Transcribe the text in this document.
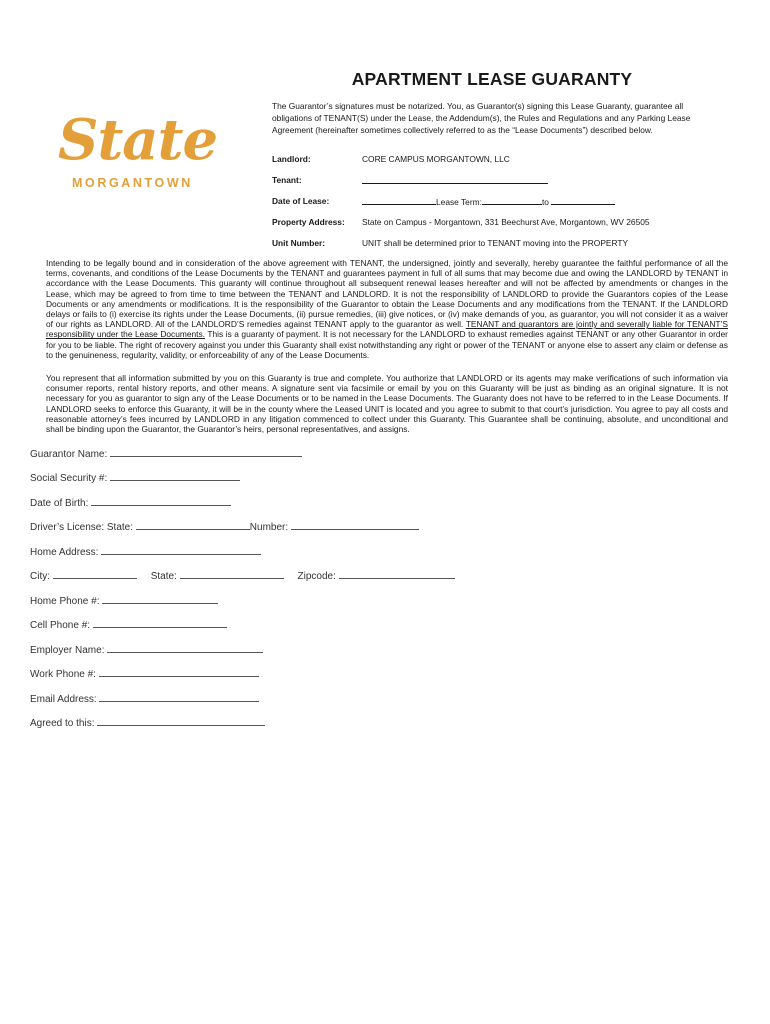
State
MORGANTOWN
APARTMENT LEASE GUARANTY
The Guarantor’s signatures must be notarized. You, as Guarantor(s) signing this Lease Guaranty, guarantee all obligations of TENANT(S) under the Lease, the Addendum(s), the Rules and Regulations and any Parking Lease Agreement (hereinafter sometimes collectively referred to as the “Lease Documents”) described below.
Landlord:	CORE CAMPUS MORGANTOWN, LLC
Tenant:
Date of Lease:	Lease Term:	to
Property Address: State on Campus - Morgantown, 331 Beechurst Ave, Morgantown, WV 26505
Unit Number:	UNIT shall be determined prior to TENANT moving into the PROPERTY
Intending to be legally bound and in consideration of the above agreement with TENANT, the undersigned, jointly and severally, hereby guarantee the faithful performance of all the terms, covenants, and conditions of the Lease Documents by the TENANT and guarantees payment in full of all sums that may become due and owing the LANDLORD by TENANT in accordance with the Lease Documents. This guaranty will continue throughout all subsequent renewal leases hereafter and will not be affected by amendments or changes in the Lease, which may be agreed to from time to time between the TENANT and LANDLORD. It is not the responsibility of LANDLORD to provide the Guarantors copies of the Lease Documents or any amendments or modifications. It is the responsibility of the Guarantor to obtain the Lease Documents and any modifications from the TENANT. If the LANDLORD delays or fails to (i) exercise its rights under the Lease Documents, (ii) pursue remedies, (iii) give notices, or (iv) make demands of you, as guarantor, you will not consider it as a waiver of our rights as LANDLORD. All of the LANDLORD’S remedies against TENANT apply to the guarantor as well. TENANT and guarantors are jointly and severally liable for TENANT’S responsibility under the Lease Documents. This is a guaranty of payment. It is not necessary for the LANDLORD to exhaust remedies against TENANT or any other Guarantor in order for you to be liable. The right of recovery against you under this Guaranty shall exist notwithstanding any right or power of the TENANT or anyone else to assert any claim or defense as to the genuineness, regularity, validity, or enforceability of any of the Lease Documents.
You represent that all information submitted by you on this Guaranty is true and complete. You authorize that LANDLORD or its agents may make verifications of such information via consumer reports, rental history reports, and other means. A signature sent via facsimile or email by you on this Guaranty will be just as binding as an original signature. It is not necessary for you as guarantor to sign any of the Lease Documents or to be named in the Lease Documents. The Guaranty does not have to be referred to in the Lease Documents. If LANDLORD seeks to enforce this Guaranty, it will be in the county where the Leased UNIT is located and you agree to submit to that court’s jurisdiction. You agree to pay all costs and reasonable attorney’s fees incurred by LANDLORD in any litigation commenced to collect under this Guaranty. This Guarantee shall be continuing, absolute, and unconditional and shall be binding upon the Guarantor, the Guarantor’s heirs, personal representatives, and assigns.
Guarantor Name:
Social Security #:
Date of Birth:
Driver’s License: State:	Number:
Home Address:
City:	State:	Zipcode:
Home Phone #:
Cell Phone #:
Employer Name:
Work Phone #:
Email Address:
Agreed to this:
